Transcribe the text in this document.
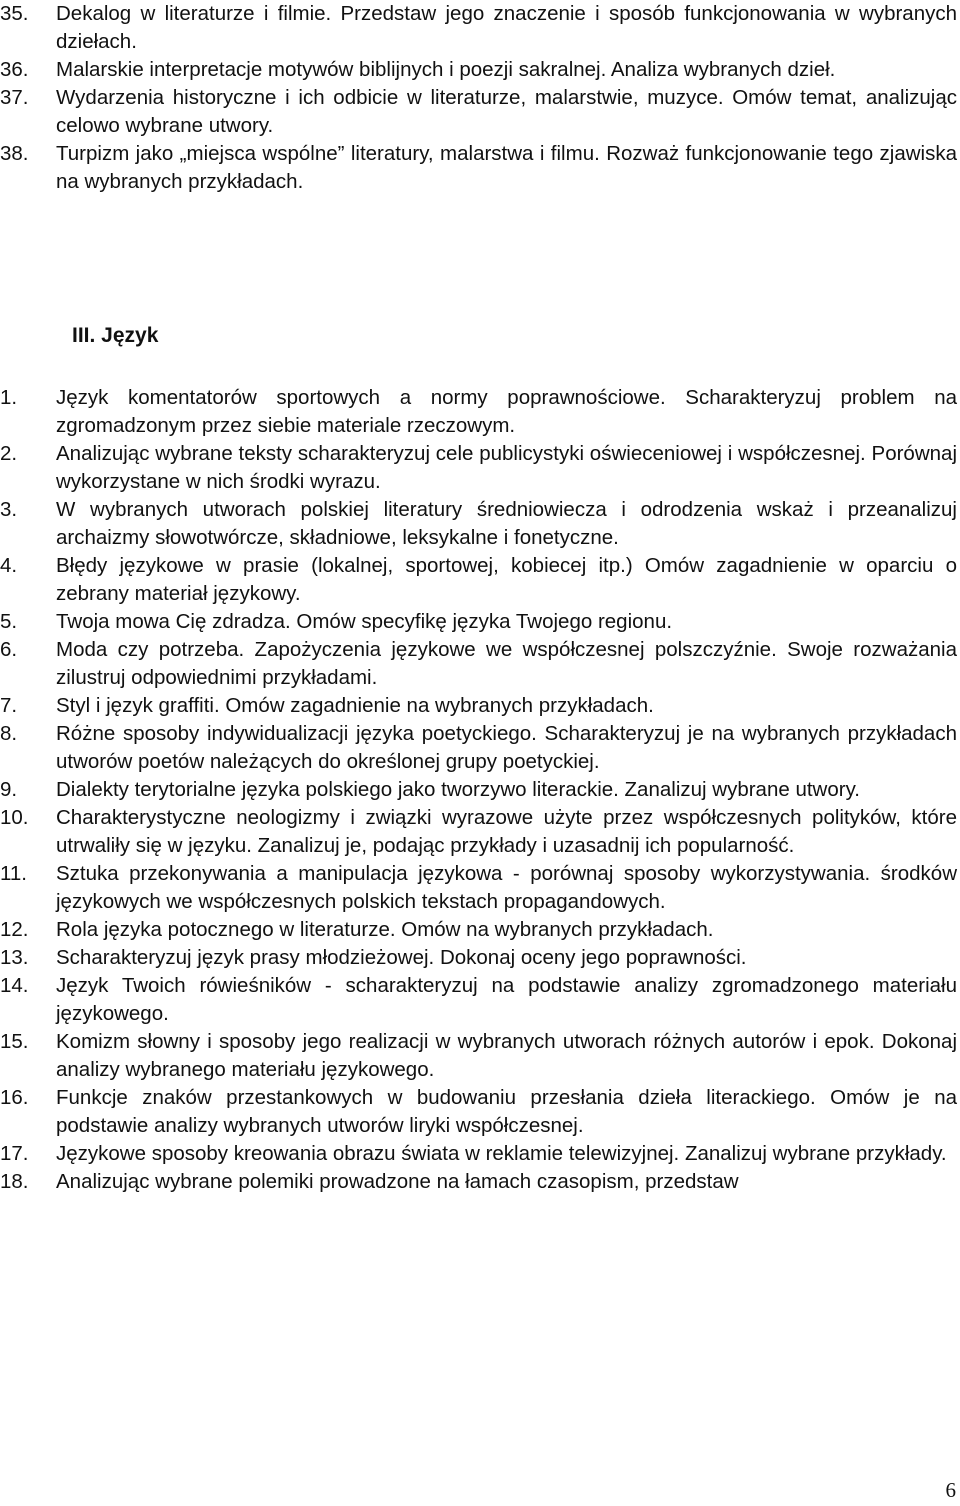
35.	Dekalog w literaturze i filmie. Przedstaw jego znaczenie i sposób funkcjonowania w wybranych dziełach.
36.	Malarskie interpretacje motywów biblijnych i poezji sakralnej. Analiza wybranych dzieł.
37.	Wydarzenia historyczne i ich odbicie w literaturze, malarstwie, muzyce. Omów temat, analizując celowo wybrane utwory.
38.	Turpizm jako „miejsca wspólne” literatury, malarstwa i filmu. Rozważ funkcjonowanie tego zjawiska na wybranych przykładach.
III. Język
1.	Język komentatorów sportowych a normy poprawnościowe. Scharakteryzuj problem na zgromadzonym przez siebie materiale rzeczowym.
2.	Analizując wybrane teksty scharakteryzuj cele publicystyki oświeceniowej i współczesnej. Porównaj wykorzystane w nich środki wyrazu.
3.	W wybranych utworach polskiej literatury średniowiecza i odrodzenia wskaż i przeanalizuj archaizmy słowotwórcze, składniowe, leksykalne i fonetyczne.
4.	Błędy językowe w prasie (lokalnej, sportowej, kobiecej itp.) Omów zagadnienie w oparciu o zebrany materiał językowy.
5.	Twoja mowa Cię zdradza. Omów specyfikę języka Twojego regionu.
6.	Moda czy potrzeba. Zapożyczenia językowe we współczesnej polszczyźnie. Swoje rozważania zilustruj odpowiednimi przykładami.
7.	Styl i język graffiti. Omów zagadnienie na wybranych przykładach.
8.	Różne sposoby indywidualizacji języka poetyckiego. Scharakteryzuj je na wybranych przykładach utworów poetów należących do określonej grupy poetyckiej.
9.	Dialekty terytorialne języka polskiego jako tworzywo literackie. Zanalizuj wybrane utwory.
10.	Charakterystyczne neologizmy i związki wyrazowe użyte przez współczesnych polityków, które utrwaliły się w języku. Zanalizuj je, podając przykłady i uzasadnij ich popularność.
11.	Sztuka przekonywania a manipulacja językowa - porównaj sposoby wykorzystywania. środków językowych we współczesnych polskich tekstach propagandowych.
12.	Rola języka potocznego w literaturze. Omów na wybranych przykładach.
13.	Scharakteryzuj język prasy młodzieżowej. Dokonaj oceny jego poprawności.
14.	Język Twoich rówieśników - scharakteryzuj na podstawie analizy zgromadzonego materiału językowego.
15.	Komizm słowny i sposoby jego realizacji w wybranych utworach różnych autorów i epok. Dokonaj analizy wybranego materiału językowego.
16.	Funkcje znaków przestankowych w budowaniu przesłania dzieła literackiego. Omów je na podstawie analizy wybranych utworów liryki współczesnej.
17.	Językowe sposoby kreowania obrazu świata w reklamie telewizyjnej. Zanalizuj wybrane przykłady.
18.	Analizując wybrane polemiki prowadzone na łamach czasopism, przedstaw
6
